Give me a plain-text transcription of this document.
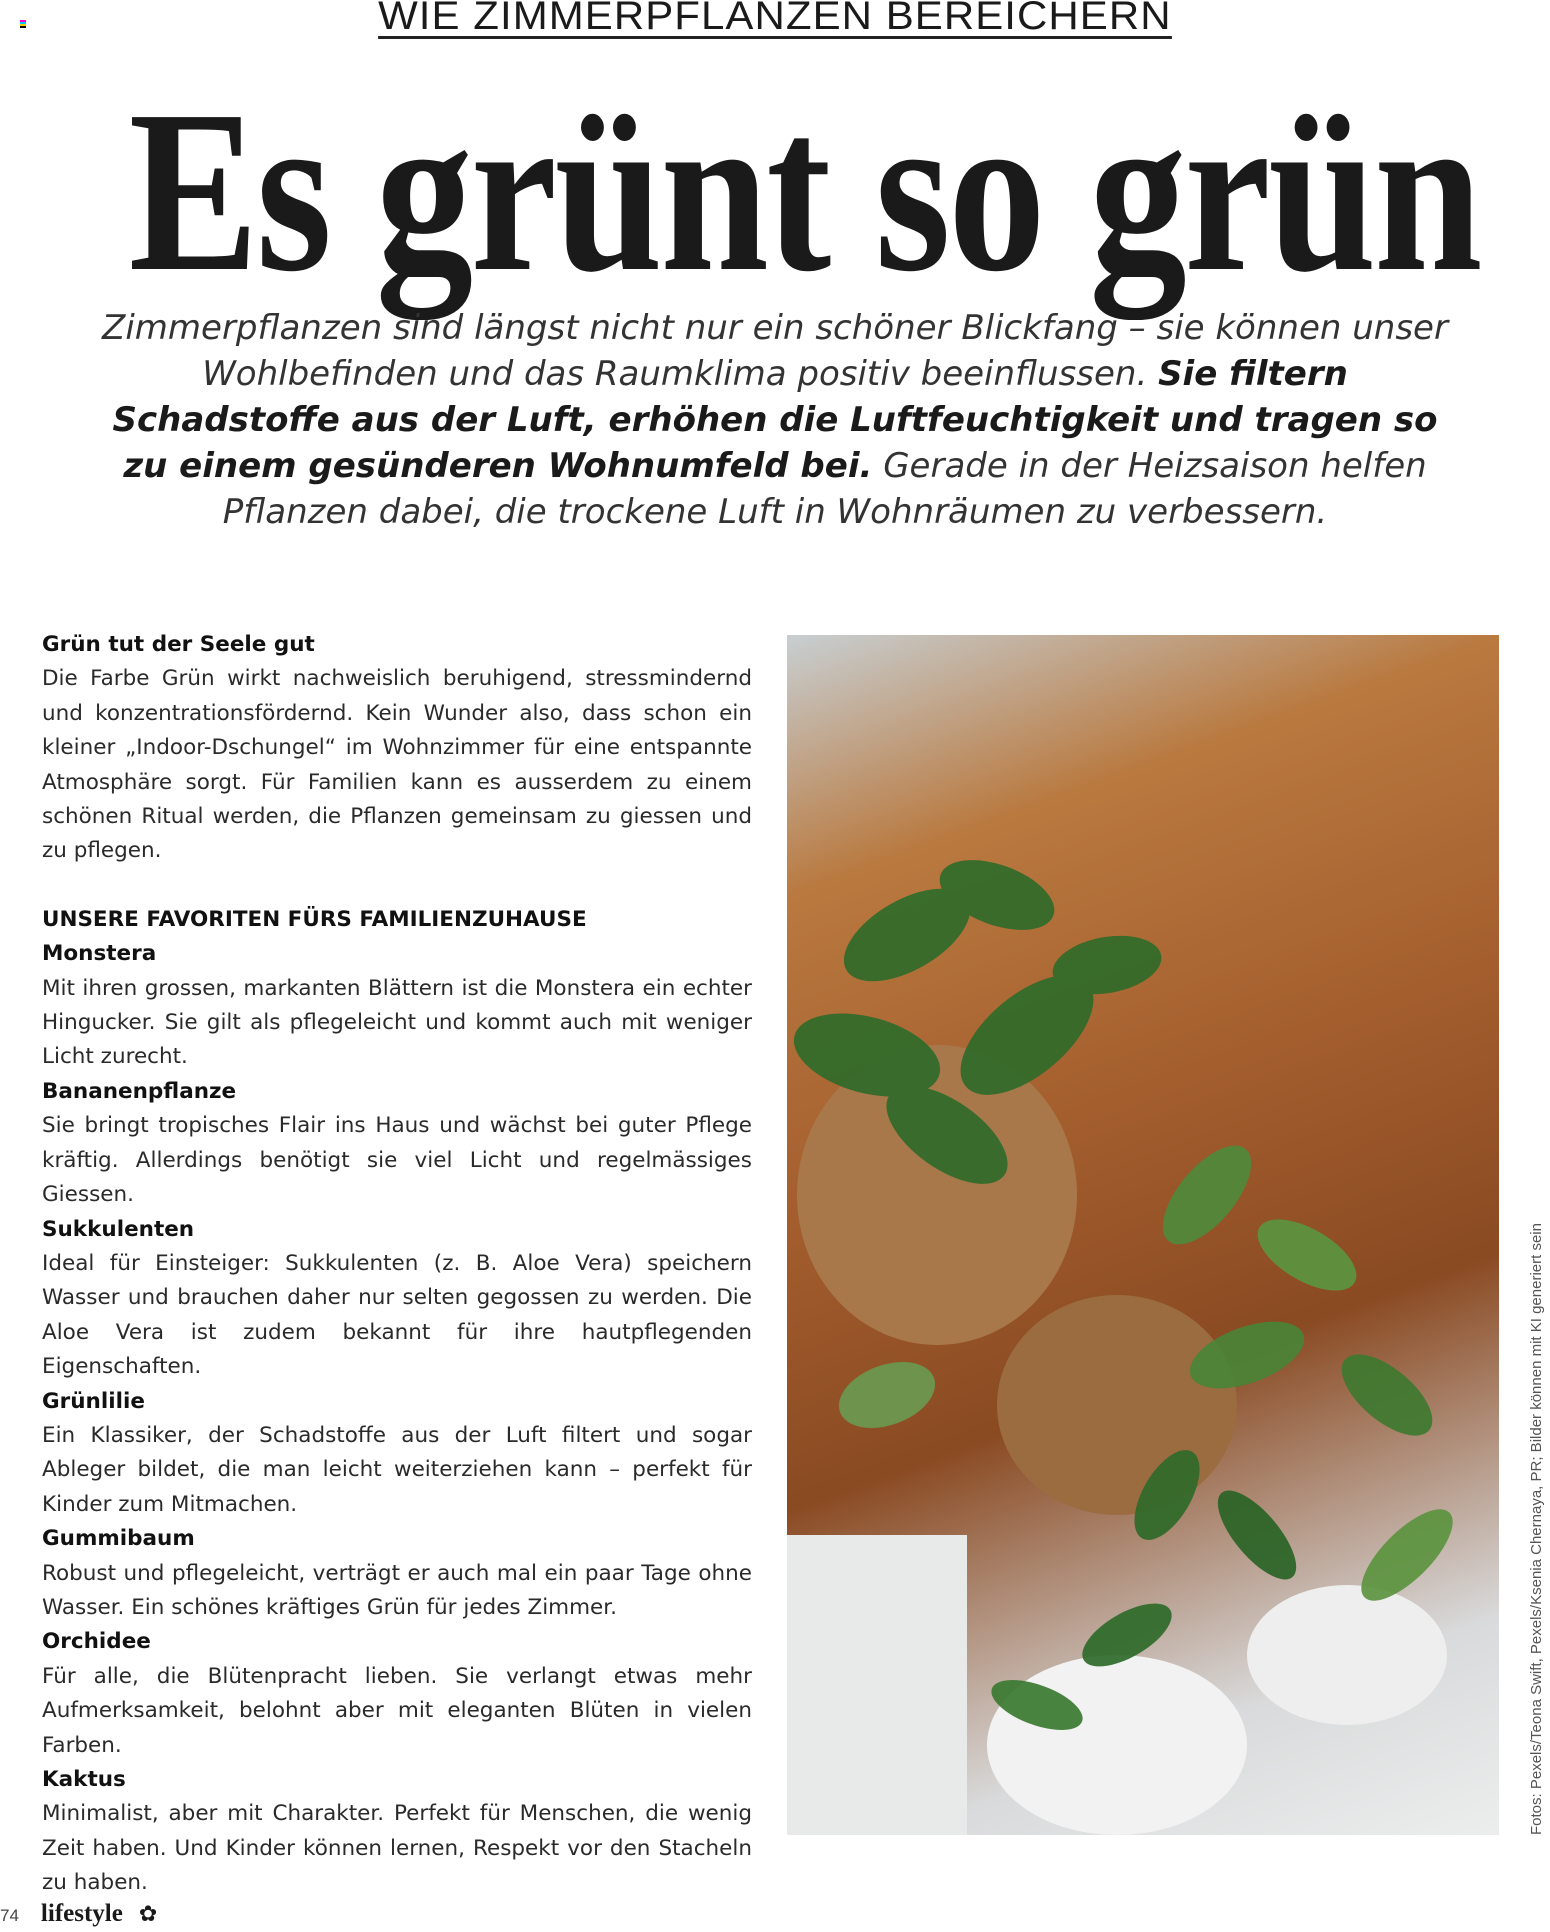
WIE ZIMMERPFLANZEN BEREICHERN
Es grünt so grün
Zimmerpflanzen sind längst nicht nur ein schöner Blickfang – sie können unser Wohlbefinden und das Raumklima positiv beeinflussen. Sie filtern Schadstoffe aus der Luft, erhöhen die Luftfeuchtigkeit und tragen so zu einem gesünderen Wohnumfeld bei. Gerade in der Heizsaison helfen Pflanzen dabei, die trockene Luft in Wohnräumen zu verbessern.
Grün tut der Seele gut

Die Farbe Grün wirkt nachweislich beruhigend, stressmindernd und konzentrationsfördernd. Kein Wunder also, dass schon ein kleiner „Indoor-Dschungel“ im Wohnzimmer für eine entspannte Atmosphäre sorgt. Für Familien kann es ausserdem zu einem schönen Ritual werden, die Pflanzen gemeinsam zu giessen und zu pflegen.

UNSERE FAVORITEN FÜRS FAMILIENZUHAUSE
Monstera

Mit ihren grossen, markanten Blättern ist die Monstera ein echter Hingucker. Sie gilt als pflegeleicht und kommt auch mit weniger Licht zurecht.

Bananenpflanze

Sie bringt tropisches Flair ins Haus und wächst bei guter Pflege kräftig. Allerdings benötigt sie viel Licht und regelmässiges Giessen.

Sukkulenten

Ideal für Einsteiger: Sukkulenten (z. B. Aloe Vera) speichern Wasser und brauchen daher nur selten gegossen zu werden. Die Aloe Vera ist zudem bekannt für ihre hautpflegenden Eigenschaften.

Grünlilie

Ein Klassiker, der Schadstoffe aus der Luft filtert und sogar Ableger bildet, die man leicht weiterziehen kann – perfekt für Kinder zum Mitmachen.

Gummibaum

Robust und pflegeleicht, verträgt er auch mal ein paar Tage ohne Wasser. Ein schönes kräftiges Grün für jedes Zimmer.

Orchidee

Für alle, die Blütenpracht lieben. Sie verlangt etwas mehr Aufmerksamkeit, belohnt aber mit eleganten Blüten in vielen Farben.

Kaktus

Minimalist, aber mit Charakter. Perfekt für Menschen, die wenig Zeit haben. Und Kinder können lernen, Respekt vor den Stacheln zu haben.

Fotos: Pexels/Teona Swift, Pexels/Ksenia Chernaya, PR; Bilder können mit KI generiert sein
74 lifestyle ✿
